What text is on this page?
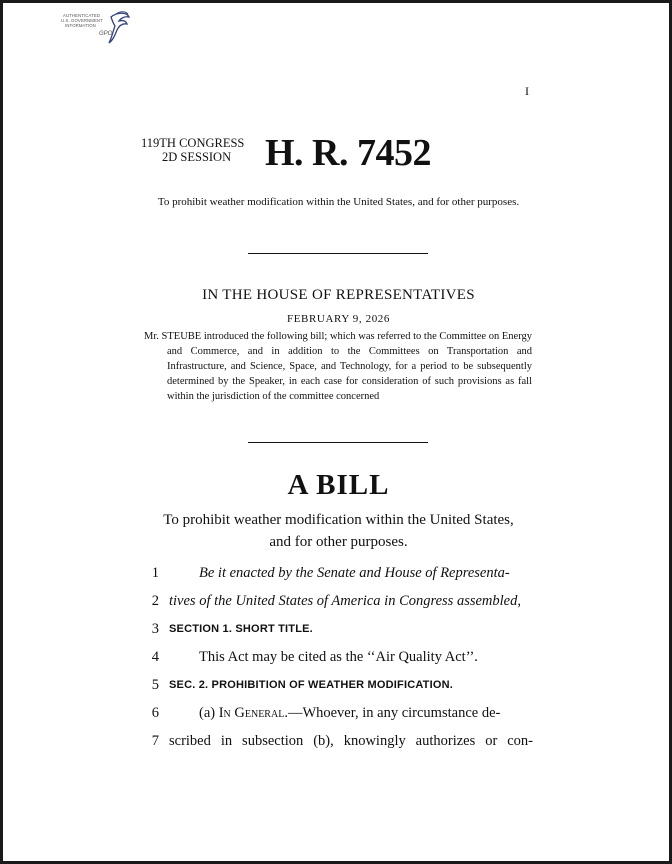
AUTHENTICATED
U.S. GOVERNMENT
INFORMATION
GPO
I
119TH CONGRESS
2D SESSION H. R. 7452
To prohibit weather modification within the United States, and for other purposes.
IN THE HOUSE OF REPRESENTATIVES
FEBRUARY 9, 2026

Mr. STEUBE introduced the following bill; which was referred to the Committee on Energy and Commerce, and in addition to the Committees on Transportation and Infrastructure, and Science, Space, and Technology, for a period to be subsequently determined by the Speaker, in each case for consideration of such provisions as fall within the jurisdiction of the committee concerned

A BILL
To prohibit weather modification within the United States,
and for other purposes.
1	Be it enacted by the Senate and House of Representa-
2 tives of the United States of America in Congress assembled,
3 SECTION 1. SHORT TITLE.
4	This Act may be cited as the ‘‘Air Quality Act’’.
5 SEC. 2. PROHIBITION OF WEATHER MODIFICATION.
6	(a) In General.—Whoever, in any circumstance de-
7 scribed in subsection (b), knowingly authorizes or con-
